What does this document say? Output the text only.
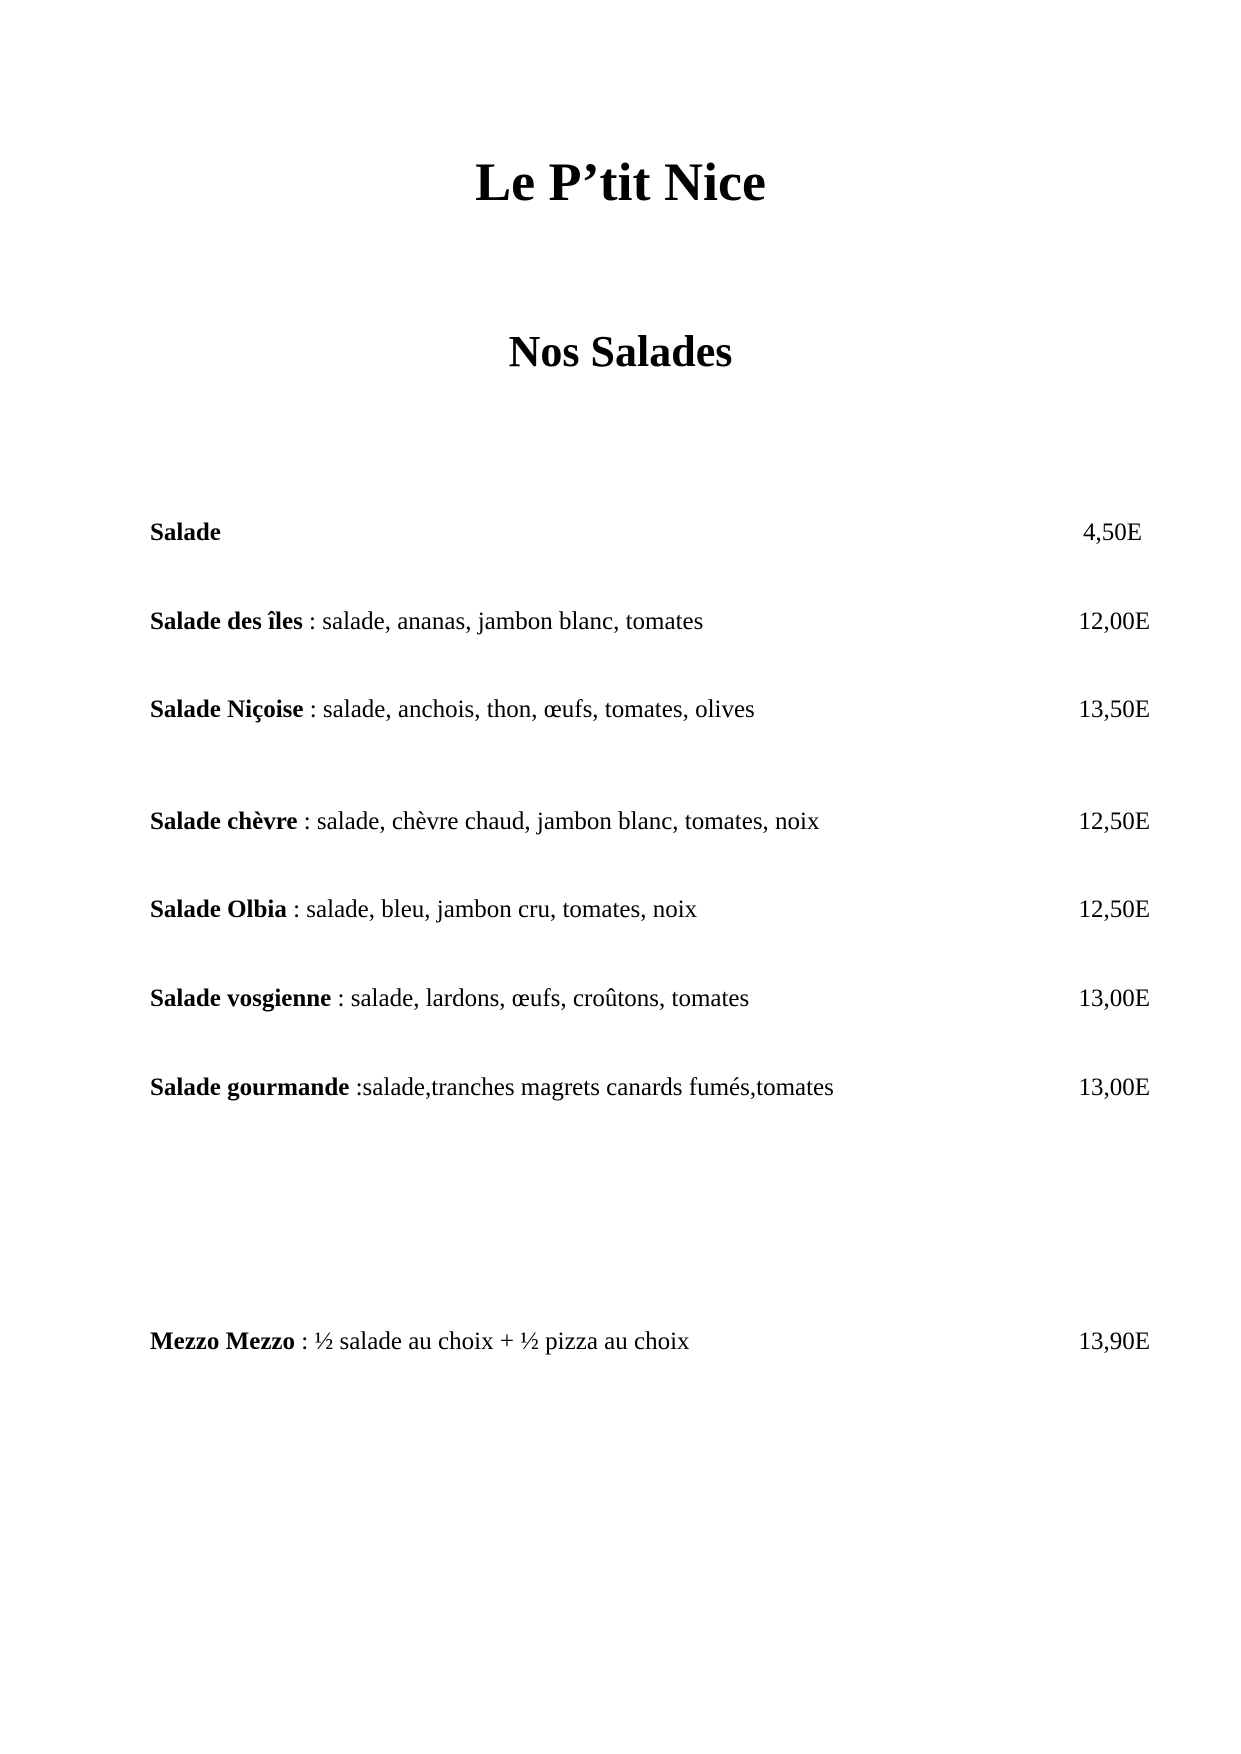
Le P’tit Nice
Nos Salades
Salade	4,50E
Salade des îles : salade, ananas, jambon blanc, tomates	12,00E
Salade Niçoise : salade, anchois, thon, œufs, tomates, olives	13,50E
Salade chèvre : salade, chèvre chaud, jambon blanc, tomates, noix	12,50E
Salade Olbia : salade, bleu, jambon cru, tomates, noix	12,50E
Salade vosgienne : salade, lardons, œufs, croûtons, tomates	13,00E
Salade gourmande :salade,tranches magrets canards fumés,tomates	13,00E
Mezzo Mezzo : ½ salade au choix + ½ pizza au choix	13,90E
